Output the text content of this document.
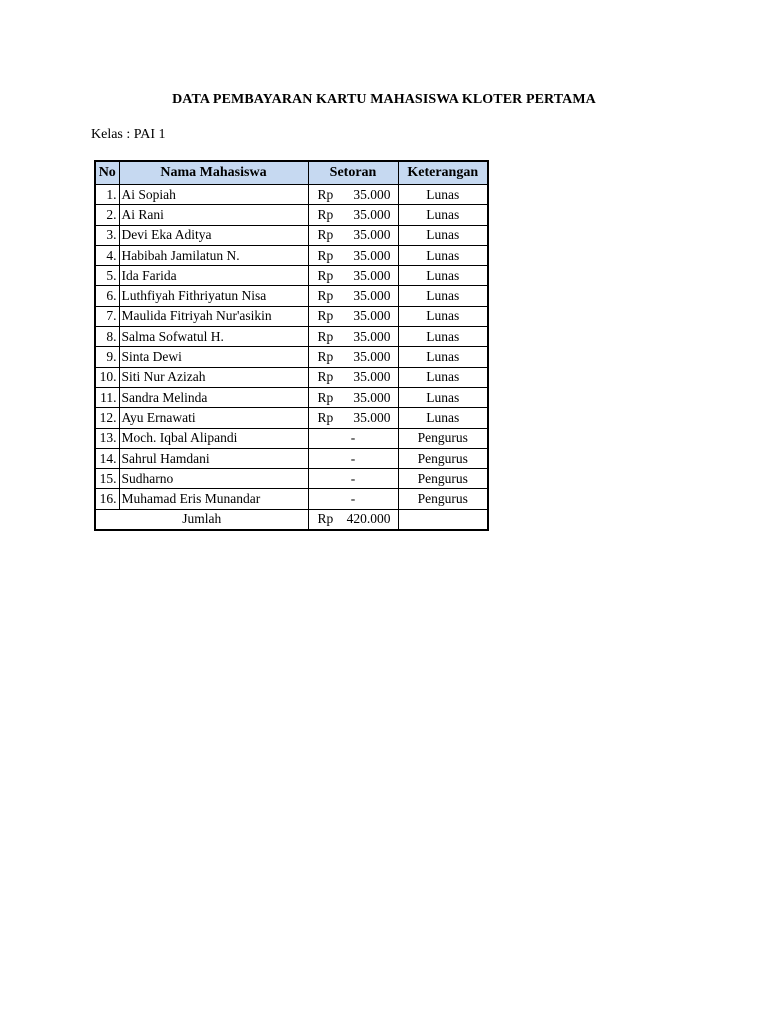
DATA PEMBAYARAN KARTU MAHASISWA KLOTER PERTAMA
Kelas : PAI 1
No	Nama Mahasiswa	Setoran	Keterangan
1.	Ai Sopiah	Rp 35.000	Lunas
2.	Ai Rani	Rp 35.000	Lunas
3.	Devi Eka Aditya	Rp 35.000	Lunas
4.	Habibah Jamilatun N.	Rp 35.000	Lunas
5.	Ida Farida	Rp 35.000	Lunas
6.	Luthfiyah Fithriyatun Nisa	Rp 35.000	Lunas
7.	Maulida Fitriyah Nur'asikin	Rp 35.000	Lunas
8.	Salma Sofwatul H.	Rp 35.000	Lunas
9.	Sinta Dewi	Rp 35.000	Lunas
10.	Siti Nur Azizah	Rp 35.000	Lunas
11.	Sandra Melinda	Rp 35.000	Lunas
12.	Ayu Ernawati	Rp 35.000	Lunas
13.	Moch. Iqbal Alipandi	-	Pengurus
14.	Sahrul Hamdani	-	Pengurus
15.	Sudharno	-	Pengurus
16.	Muhamad Eris Munandar	-	Pengurus
Jumlah		Rp 420.000	
